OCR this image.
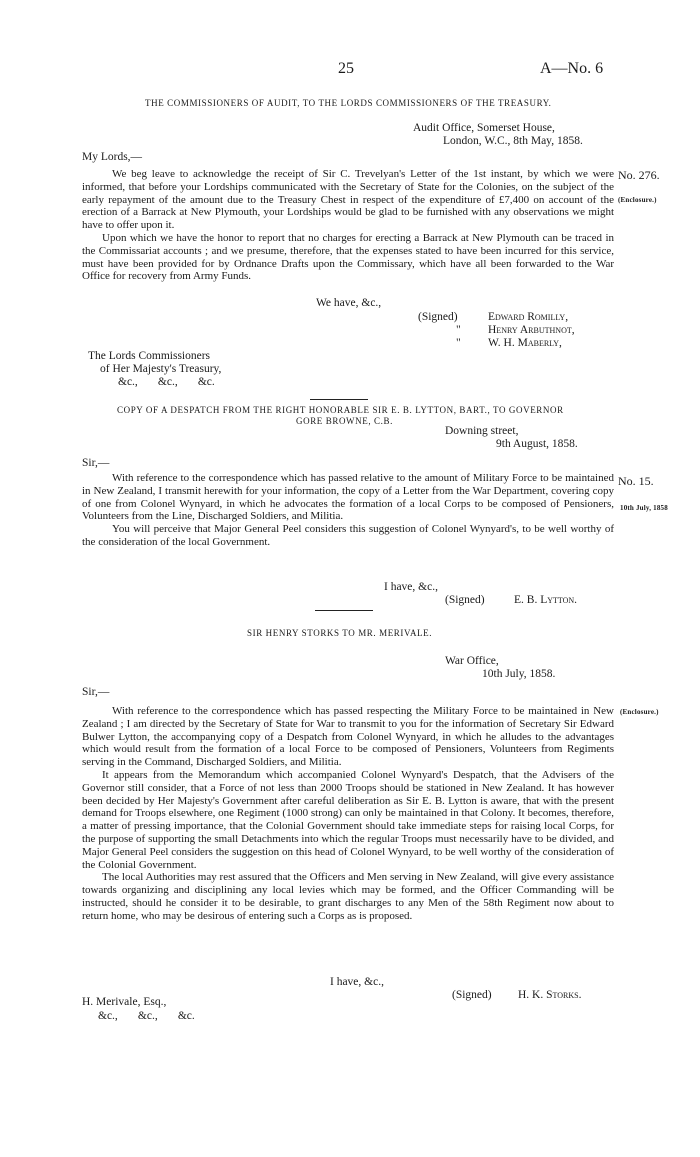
25	A—No. 6
THE COMMISSIONERS OF AUDIT, TO THE LORDS COMMISSIONERS OF THE TREASURY.
Audit Office, Somerset House,
London, W.C., 8th May, 1858.
My Lords,—

We beg leave to acknowledge the receipt of Sir C. Trevelyan's Letter of the 1st instant, by which we were informed, that before your Lordships communicated with the Secretary of State for the Colonies, on the subject of the early repayment of the amount due to the Treasury Chest in respect of the expenditure of £7,400 on account of the erection of a Barrack at New Plymouth, your Lordships would be glad to be furnished with any observations we might have to offer upon it.

Upon which we have the honor to report that no charges for erecting a Barrack at New Plymouth can be traced in the Commissariat accounts ; and we presume, therefore, that the expenses stated to have been incurred for this service, must have been provided for by Ordnance Drafts upon the Commissary, which have all been forwarded to the War Office for recovery from Army Funds.

No. 276.
(Enclosure.)
We have, &c.,
(Signed)	Edward Romilly,
" Henry Arbuthnot,
" W. H. Maberly,
The Lords Commissioners
of Her Majesty's Treasury,
&c.,       &c.,       &c.
COPY OF A DESPATCH FROM THE RIGHT HONORABLE SIR E. B. LYTTON, BART., TO GOVERNOR
GORE BROWNE, C.B.
Downing street,
9th August, 1858.
Sir,—

With reference to the correspondence which has passed relative to the amount of Military Force to be maintained in New Zealand, I transmit herewith for your information, the copy of a Letter from the War Department, covering copy of one from Colonel Wynyard, in which he advocates the formation of a local Corps to be composed of Pensioners, Volunteers from the Line, Discharged Soldiers, and Militia.

You will perceive that Major General Peel considers this suggestion of Colonel Wynyard's, to be well worthy of the consideration of the local Government.

No. 15.
10th July, 1858
I have, &c.,
(Signed)	E. B. Lytton.
SIR HENRY STORKS TO MR. MERIVALE.
War Office,
10th July, 1858.
Sir,—

With reference to the correspondence which has passed respecting the Military Force to be maintained in New Zealand ; I am directed by the Secretary of State for War to transmit to you for the information of Secretary Sir Edward Bulwer Lytton, the accompanying copy of a Despatch from Colonel Wynyard, in which he alludes to the advantages which would result from the formation of a local Force to be composed of Pensioners, Volunteers from Regiments serving in the Command, Discharged Soldiers, and Militia.

It appears from the Memorandum which accompanied Colonel Wynyard's Despatch, that the Advisers of the Governor still consider, that a Force of not less than 2000 Troops should be stationed in New Zealand. It has however been decided by Her Majesty's Government after careful deliberation as Sir E. B. Lytton is aware, that with the present demand for Troops elsewhere, one Regiment (1000 strong) can only be maintained in that Colony. It becomes, therefore, a matter of pressing importance, that the Colonial Government should take immediate steps for raising local Corps, for the purpose of supporting the small Detachments into which the regular Troops must necessarily have to be divided, and Major General Peel considers the suggestion on this head of Colonel Wynyard, to be well worthy of the consideration of the Colonial Government.

The local Authorities may rest assured that the Officers and Men serving in New Zealand, will give every assistance towards organizing and disciplining any local levies which may be formed, and the Officer Commanding will be instructed, should he consider it to be desirable, to grant discharges to any Men of the 58th Regiment now about to return home, who may be desirous of entering such a Corps as is proposed.

(Enclosure.)
I have, &c.,
(Signed) H. K. Storks.
H. Merivale, Esq.,
&c.,       &c.,       &c.
